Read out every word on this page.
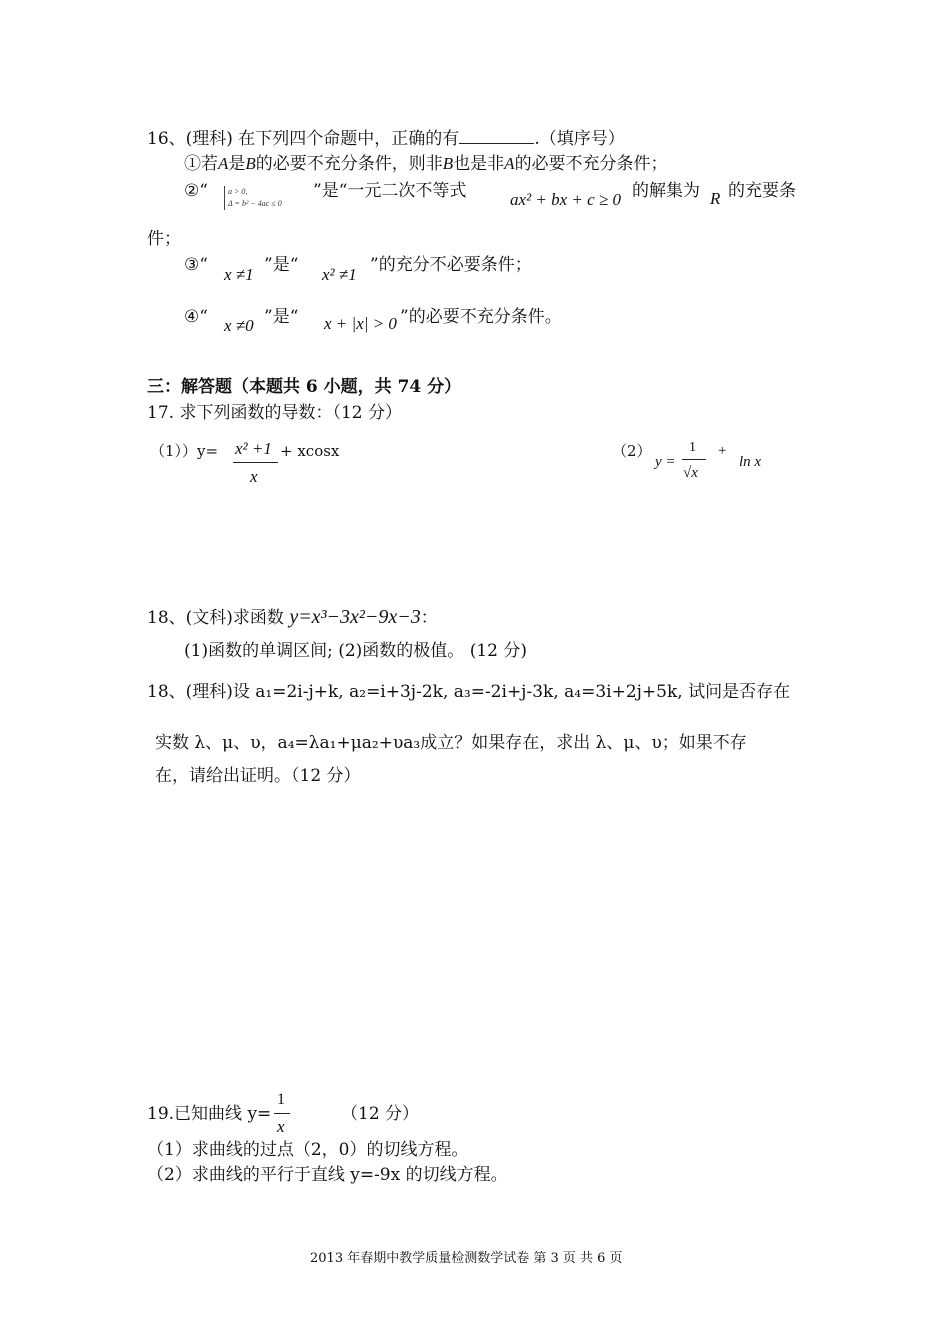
16、(理科) 在下列四个命题中，正确的有	.（填序号）
①若A是B的必要不充分条件，则非B也是非A的必要不充分条件；
②“	a > 0,
Δ = b² − 4ac ≤ 0
”是“一元二次不等式	ax² + bx + c ≥ 0 的解集为 R 的充要条
件；
③“ x ≠1 ”是“ x² ≠1 ”的充分不必要条件；
④“ x ≠0 ”是“ x + |x| > 0 ”的必要不充分条件。
三：解答题（本题共 6 小题，共 74 分）
17. 求下列函数的导数：（12 分）
（1））y= x² +1 + xcosx
x
（2）
y =
1
√x
+
ln x
18、(文科)求函数 y=x³−3x²−9x−3：
(1)函数的单调区间; (2)函数的极值。 (12 分)
18、(理科)设 a₁=2i-j+k, a₂=i+3j-2k, a₃=-2i+j-3k, a₄=3i+2j+5k, 试问是否存在
实数 λ、μ、υ，a₄=λa₁+μa₂+υa₃成立？如果存在，求出 λ、μ、υ；如果不存
在，请给出证明。（12 分）
19.已知曲线 y=
1
x
（12 分）
（1）求曲线的过点（2，0）的切线方程。
（2）求曲线的平行于直线 y=-9x 的切线方程。
2013 年春期中教学质量检测数学试卷 第 3 页 共 6 页
